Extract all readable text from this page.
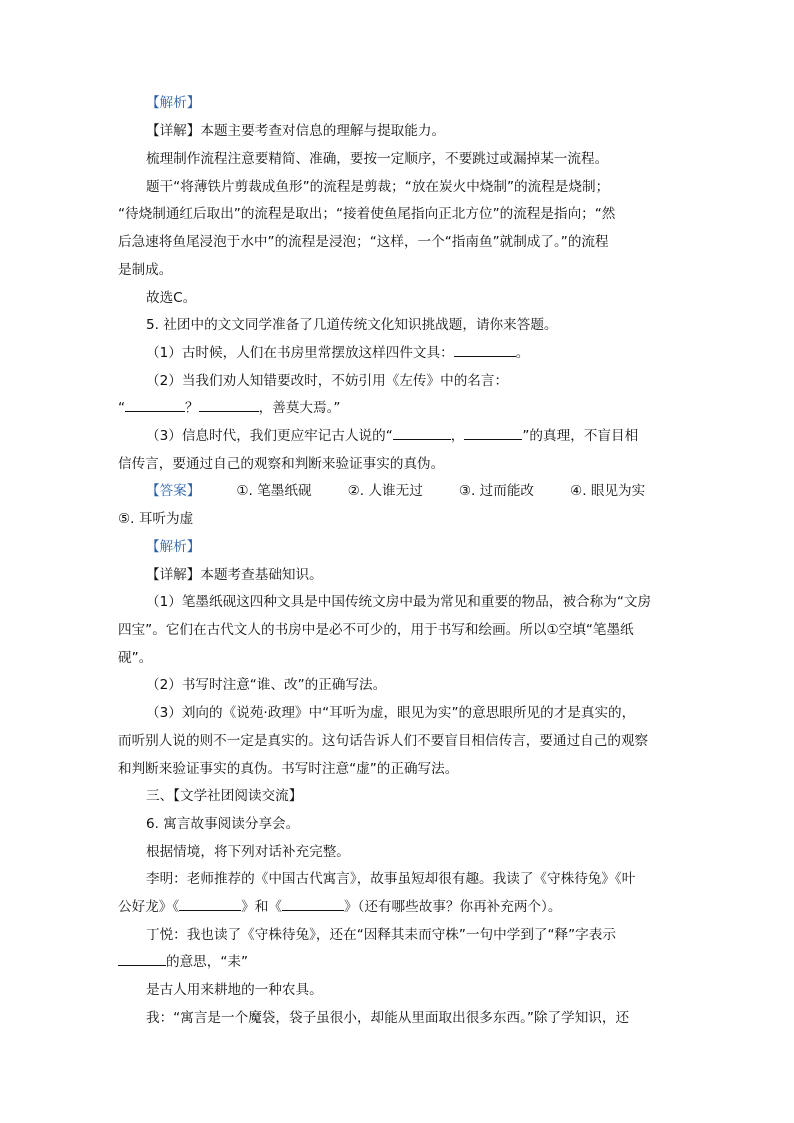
【解析】
【详解】本题主要考查对信息的理解与提取能力。
梳理制作流程注意要精简、准确，要按一定顺序，不要跳过或漏掉某一流程。
题干“将薄铁片剪裁成鱼形”的流程是剪裁；“放在炭火中烧制”的流程是烧制；
“待烧制通红后取出”的流程是取出；“接着使鱼尾指向正北方位”的流程是指向；“然
后急速将鱼尾浸泡于水中”的流程是浸泡；“这样，一个“指南鱼”就制成了。”的流程
是制成。
故选C。
5. 社团中的文文同学准备了几道传统文化知识挑战题，请你来答题。
（1）古时候，人们在书房里常摆放这样四件文具：	。
（2）当我们劝人知错要改时，不妨引用《左传》中的名言：
“	？	，善莫大焉。”
（3）信息时代，我们更应牢记古人说的“	，	”的真理，不盲目相
信传言，要通过自己的观察和判断来验证事实的真伪。
【答案】	①. 笔墨纸砚	②. 人谁无过	③. 过而能改	④. 眼见为实
⑤. 耳听为虚
【解析】
【详解】本题考查基础知识。
（1）笔墨纸砚这四种文具是中国传统文房中最为常见和重要的物品，被合称为“文房
四宝”。它们在古代文人的书房中是必不可少的，用于书写和绘画。所以①空填“笔墨纸
砚”。
（2）书写时注意“谁、改”的正确写法。
（3）刘向的《说苑·政理》中“耳听为虚，眼见为实”的意思眼所见的才是真实的，
而听别人说的则不一定是真实的。这句话告诉人们不要盲目相信传言，要通过自己的观察
和判断来验证事实的真伪。书写时注意“虚”的正确写法。
三、【文学社团阅读交流】
6. 寓言故事阅读分享会。
根据情境，将下列对话补充完整。
李明：老师推荐的《中国古代寓言》，故事虽短却很有趣。我读了《守株待兔》《叶
公好龙》《	》和《	》（还有哪些故事？你再补充两个）。
丁悦：我也读了《守株待兔》，还在“因释其耒而守株”一句中学到了“释”字表示
的意思，“耒”
是古人用来耕地的一种农具。
我：“寓言是一个魔袋，袋子虽很小，却能从里面取出很多东西。”除了学知识，还
